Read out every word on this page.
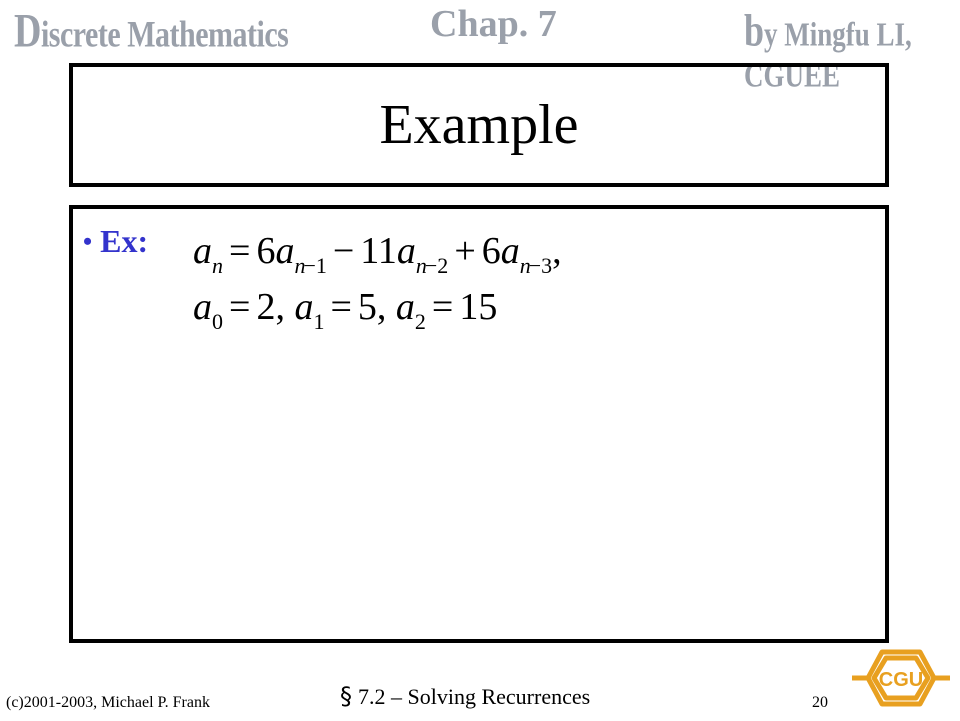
Discrete Mathematics	Chap. 7	by Mingfu LI, CGUEE
Example
• Ex: $a_n = 6a_{n-1} - 11a_{n-2} + 6a_{n-3}$,
$a_0 = 2$, $a_1 = 5$, $a_2 = 15$
(c)2001-2003, Michael P. Frank	§ 7.2 – Solving Recurrences	20
CGU
